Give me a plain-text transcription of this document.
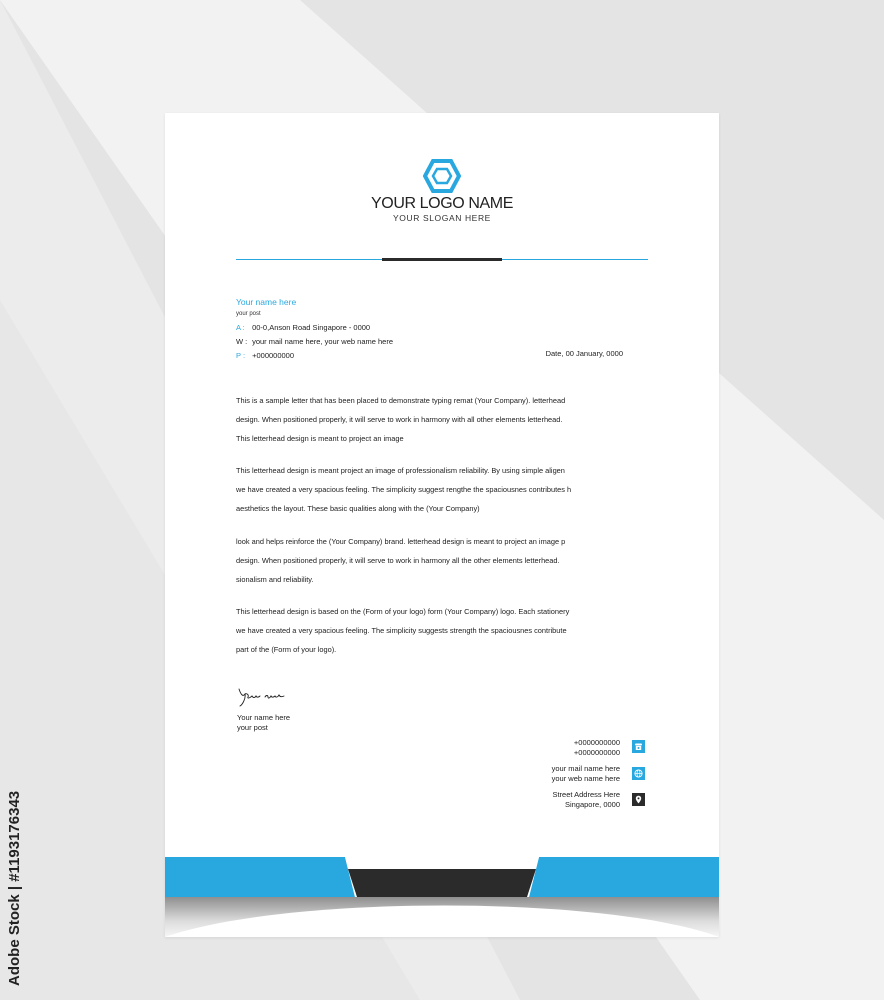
Adobe Stock | #1193176343
YOUR LOGO NAME
YOUR SLOGAN HERE
Your name here
your post
A : 00-0,Anson Road Singapore - 0000
W : your mail name here, your web name here
P : +000000000	Date, 00 January, 0000

This is a sample letter that has been placed to demonstrate typing remat (Your Company). letterhead
design. When positioned properly, it will serve to work in harmony with all other elements letterhead.
This letterhead design is meant to project an image

This letterhead design is meant project an image of professionalism reliability. By using simple aligen
we have created a very spacious feeling. The simplicity suggest rengthe the spaciousnes contributes h
aesthetics the layout. These basic qualities along with the (Your Company)

look and helps reinforce the (Your Company) brand. letterhead design is meant to project an image p
design. When positioned properly, it will serve to work in harmony all the other elements letterhead.
sionalism and reliability.

This letterhead design is based on the (Form of your logo) form (Your Company) logo. Each stationery
we have created a very spacious feeling. The simplicity suggests strength the spaciousnes contribute
part of the (Form of your logo).

Your name here
your post
+0000000000
+0000000000
your mail name here
your web name here
Street Address Here
Singapore, 0000
